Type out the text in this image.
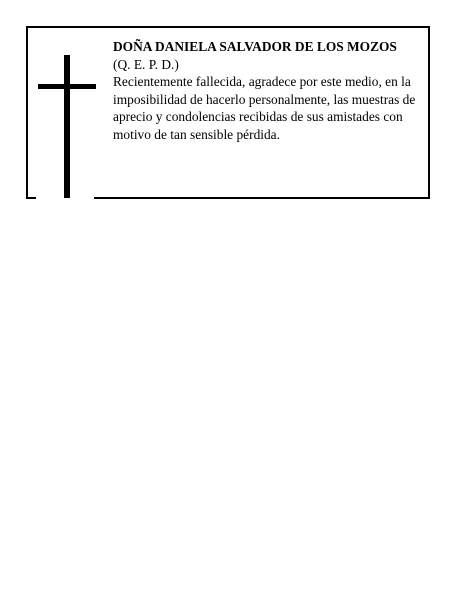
DOÑA DANIELA SALVADOR DE LOS MOZOS

(Q. E. P. D.)

Recientemente fallecida, agradece por este medio, en la imposibilidad de hacerlo personalmente, las muestras de aprecio y condolencias recibidas de sus amistades con motivo de tan sensible pérdida.
